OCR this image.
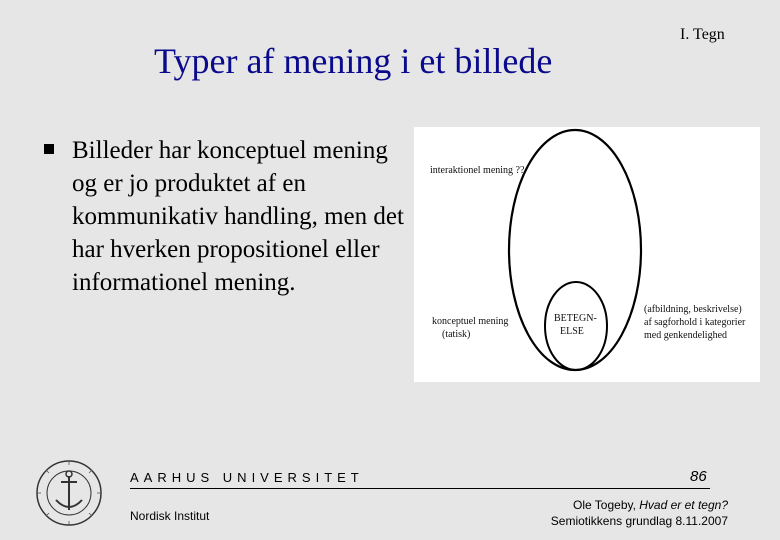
I. Tegn
Typer af mening i et billede
Billeder har konceptuel mening og er jo produktet af en kommunikativ handling, men det har hverken propositionel eller informationel mening.
interaktionel mening ??
konceptuel mening
(tatisk)
BETEGN-
ELSE
(afbildning, beskrivelse)
af sagforhold i kategorier
med genkendelighed
AARHUS UNIVERSITET
Nordisk Institut
86
Ole Togeby, Hvad er et tegn?
Semiotikkens grundlag 8.11.2007
